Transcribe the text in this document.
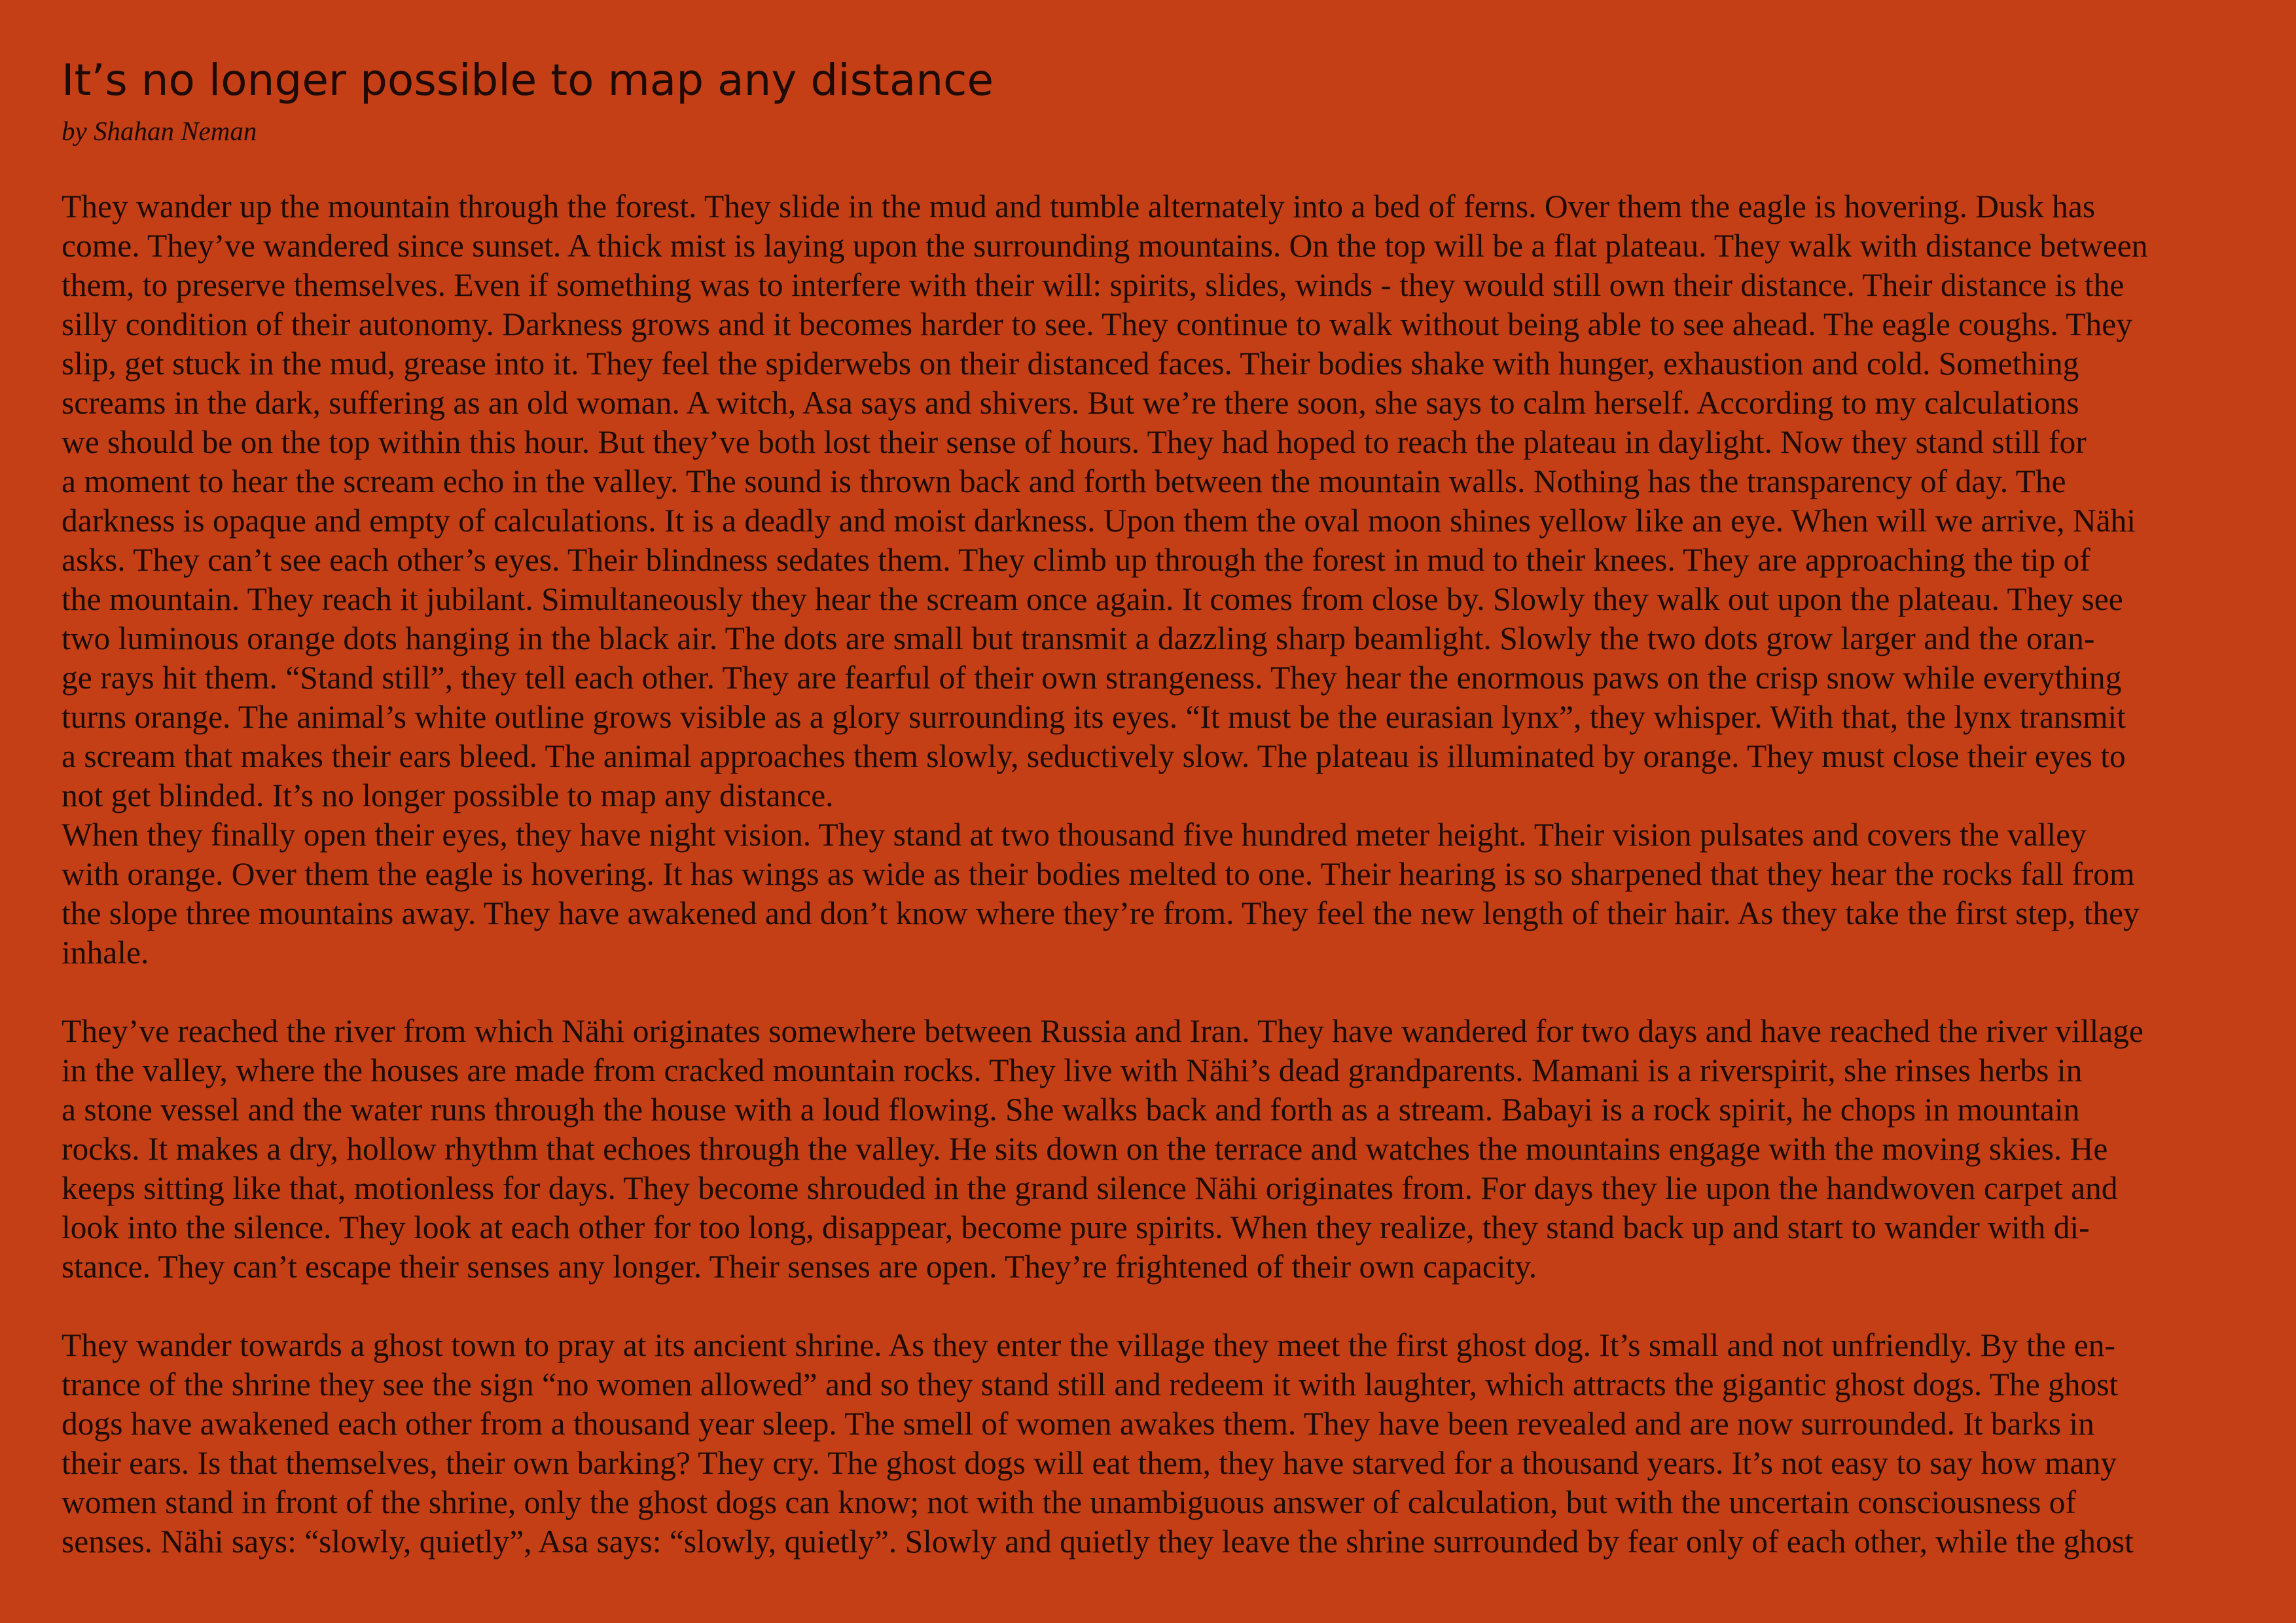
It’s no longer possible to map any distance
by Shahan Neman
They wander up the mountain through the forest. They slide in the mud and tumble alternately into a bed of ferns. Over them the eagle is hovering. Dusk has
come. They’ve wandered since sunset. A thick mist is laying upon the surrounding mountains. On the top will be a flat plateau. They walk with distance between
them, to preserve themselves. Even if something was to interfere with their will: spirits, slides, winds - they would still own their distance. Their distance is the
silly condition of their autonomy. Darkness grows and it becomes harder to see. They continue to walk without being able to see ahead. The eagle coughs. They
slip, get stuck in the mud, grease into it. They feel the spiderwebs on their distanced faces. Their bodies shake with hunger, exhaustion and cold. Something
screams in the dark, suffering as an old woman. A witch, Asa says and shivers. But we’re there soon, she says to calm herself. According to my calculations
we should be on the top within this hour. But they’ve both lost their sense of hours. They had hoped to reach the plateau in daylight. Now they stand still for
a moment to hear the scream echo in the valley. The sound is thrown back and forth between the mountain walls. Nothing has the transparency of day. The
darkness is opaque and empty of calculations. It is a deadly and moist darkness. Upon them the oval moon shines yellow like an eye. When will we arrive, Nähi
asks. They can’t see each other’s eyes. Their blindness sedates them. They climb up through the forest in mud to their knees. They are approaching the tip of
the mountain. They reach it jubilant. Simultaneously they hear the scream once again. It comes from close by. Slowly they walk out upon the plateau. They see
two luminous orange dots hanging in the black air. The dots are small but transmit a dazzling sharp beamlight. Slowly the two dots grow larger and the oran-
ge rays hit them. “Stand still”, they tell each other. They are fearful of their own strangeness. They hear the enormous paws on the crisp snow while everything
turns orange. The animal’s white outline grows visible as a glory surrounding its eyes. “It must be the eurasian lynx”, they whisper. With that, the lynx transmit
a scream that makes their ears bleed. The animal approaches them slowly, seductively slow. The plateau is illuminated by orange. They must close their eyes to
not get blinded. It’s no longer possible to map any distance.
When they finally open their eyes, they have night vision. They stand at two thousand five hundred meter height. Their vision pulsates and covers the valley
with orange. Over them the eagle is hovering. It has wings as wide as their bodies melted to one. Their hearing is so sharpened that they hear the rocks fall from
the slope three mountains away. They have awakened and don’t know where they’re from. They feel the new length of their hair. As they take the first step, they
inhale.
They’ve reached the river from which Nähi originates somewhere between Russia and Iran. They have wandered for two days and have reached the river village
in the valley, where the houses are made from cracked mountain rocks. They live with Nähi’s dead grandparents. Mamani is a riverspirit, she rinses herbs in
a stone vessel and the water runs through the house with a loud flowing. She walks back and forth as a stream. Babayi is a rock spirit, he chops in mountain
rocks. It makes a dry, hollow rhythm that echoes through the valley. He sits down on the terrace and watches the mountains engage with the moving skies. He
keeps sitting like that, motionless for days. They become shrouded in the grand silence Nähi originates from. For days they lie upon the handwoven carpet and
look into the silence. They look at each other for too long, disappear, become pure spirits. When they realize, they stand back up and start to wander with di-
stance. They can’t escape their senses any longer. Their senses are open. They’re frightened of their own capacity.
They wander towards a ghost town to pray at its ancient shrine. As they enter the village they meet the first ghost dog. It’s small and not unfriendly. By the en-
trance of the shrine they see the sign “no women allowed” and so they stand still and redeem it with laughter, which attracts the gigantic ghost dogs. The ghost
dogs have awakened each other from a thousand year sleep. The smell of women awakes them. They have been revealed and are now surrounded. It barks in
their ears. Is that themselves, their own barking? They cry. The ghost dogs will eat them, they have starved for a thousand years. It’s not easy to say how many
women stand in front of the shrine, only the ghost dogs can know; not with the unambiguous answer of calculation, but with the uncertain consciousness of
senses. Nähi says: “slowly, quietly”, Asa says: “slowly, quietly”. Slowly and quietly they leave the shrine surrounded by fear only of each other, while the ghost
